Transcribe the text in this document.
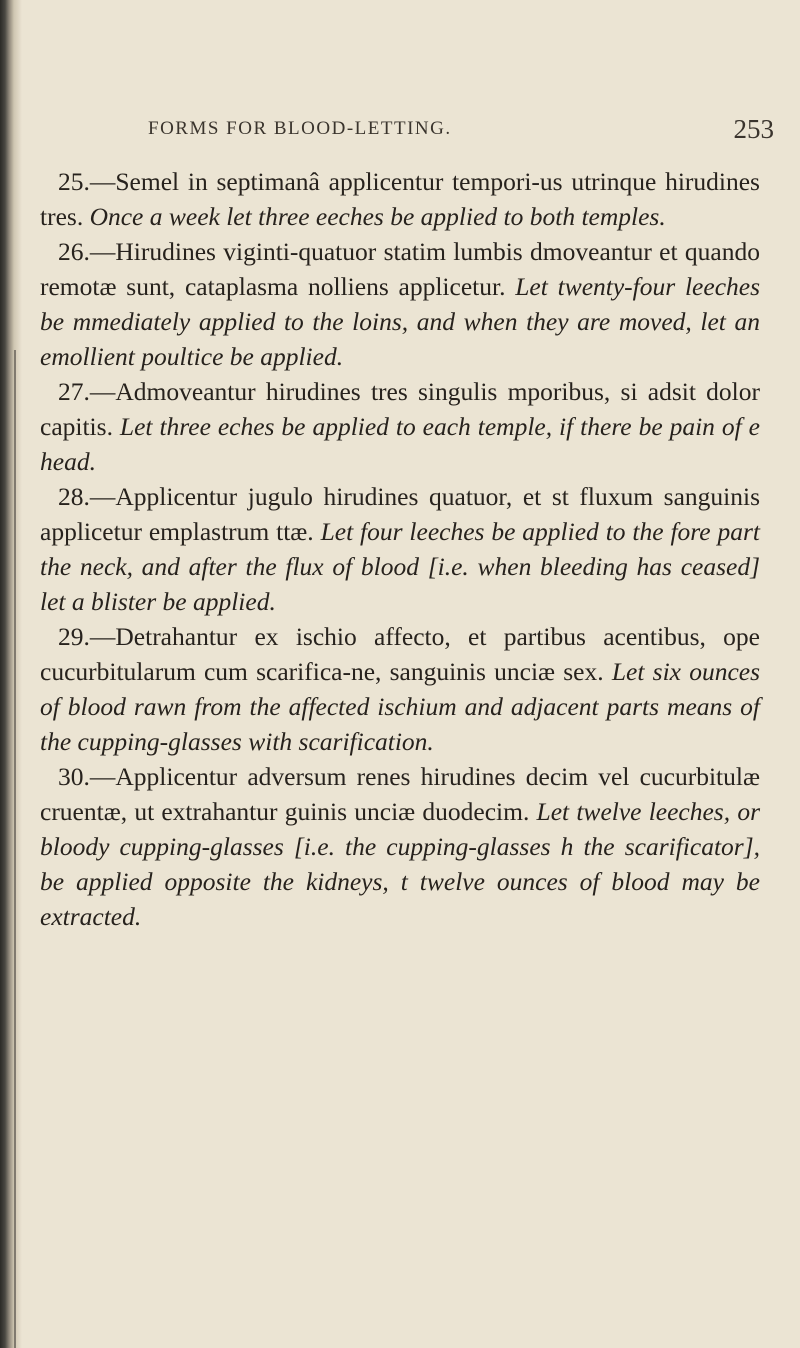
FORMS FOR BLOOD-LETTING.	253

25.—Semel in septimanâ applicentur tempori-us utrinque hirudines tres. Once a week let three eeches be applied to both temples.

26.—Hirudines viginti-quatuor statim lumbis dmoveantur et quando remotæ sunt, cataplasma nolliens applicetur. Let twenty-four leeches be mmediately applied to the loins, and when they are moved, let an emollient poultice be applied.

27.—Admoveantur hirudines tres singulis mporibus, si adsit dolor capitis. Let three eches be applied to each temple, if there be pain of e head.

28.—Applicentur jugulo hirudines quatuor, et st fluxum sanguinis applicetur emplastrum ttæ. Let four leeches be applied to the fore part the neck, and after the flux of blood [i.e. when bleeding has ceased] let a blister be applied.

29.—Detrahantur ex ischio affecto, et partibus acentibus, ope cucurbitularum cum scarifica-ne, sanguinis unciæ sex. Let six ounces of blood rawn from the affected ischium and adjacent parts means of the cupping-glasses with scarification.

30.—Applicentur adversum renes hirudines decim vel cucurbitulæ cruentæ, ut extrahantur guinis unciæ duodecim. Let twelve leeches, or bloody cupping-glasses [i.e. the cupping-glasses h the scarificator], be applied opposite the kidneys, t twelve ounces of blood may be extracted.
